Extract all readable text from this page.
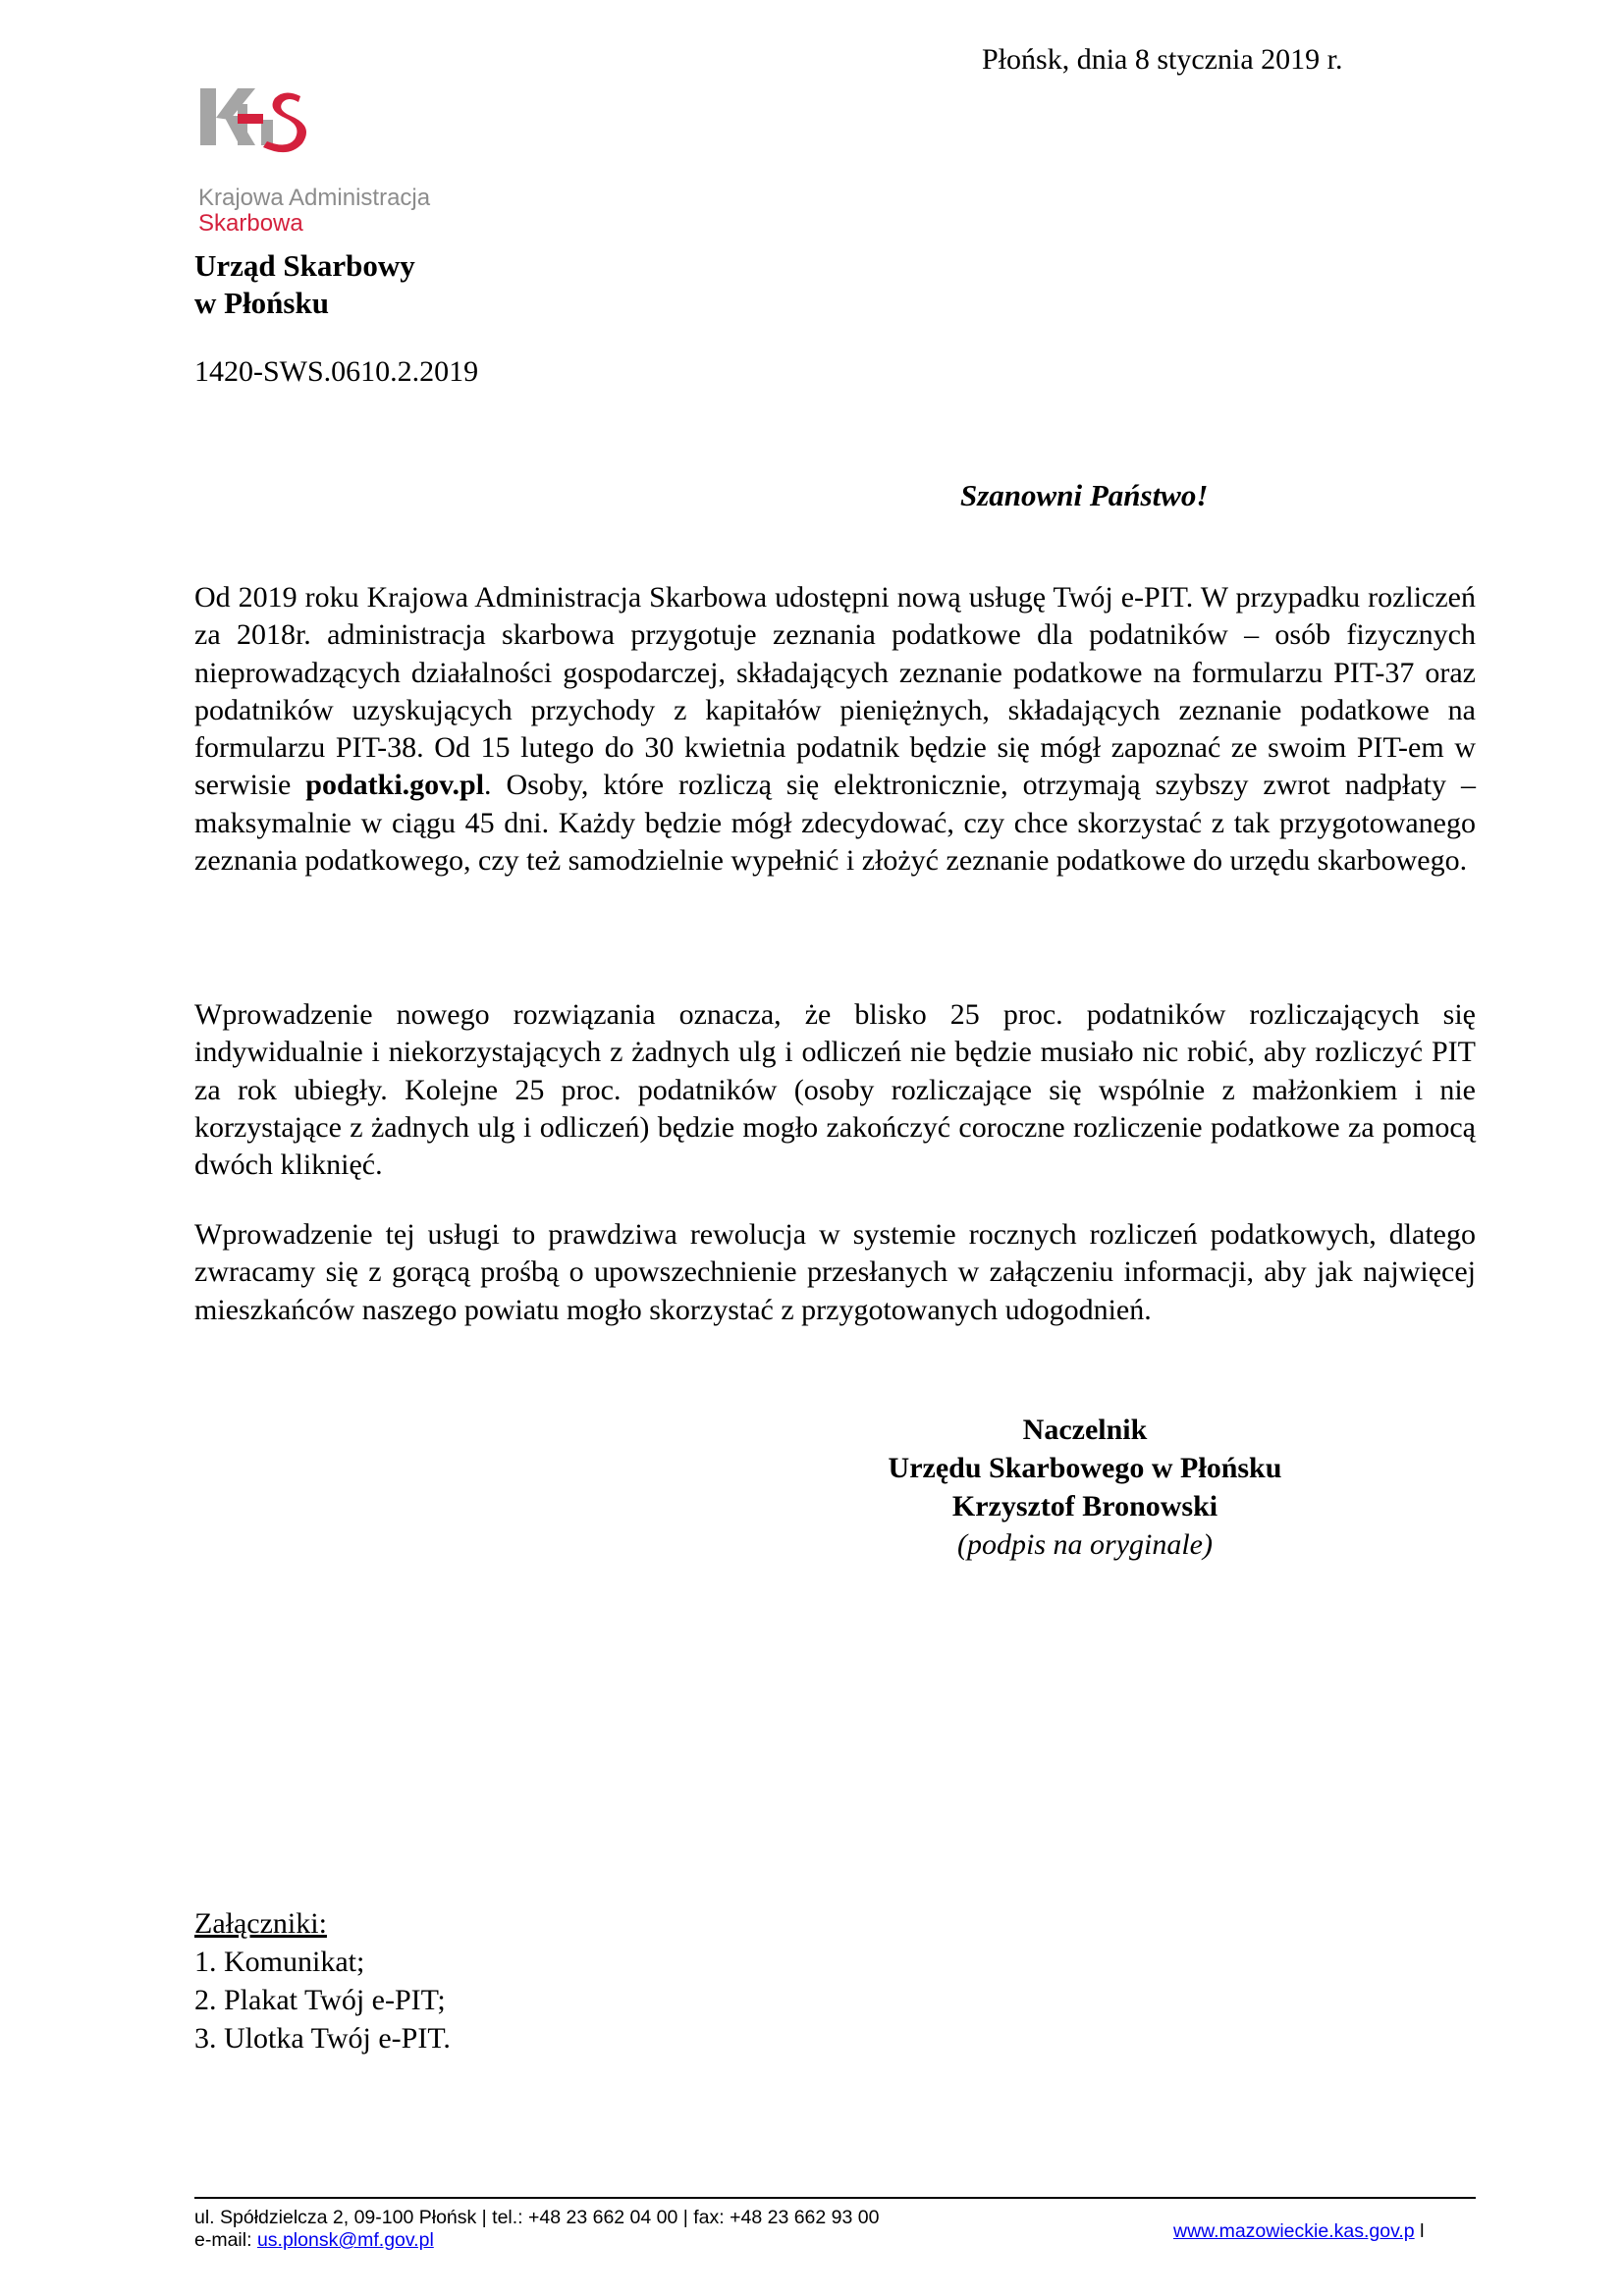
Płońsk, dnia 8 stycznia 2019 r.
Krajowa Administracja
Skarbowa
Urząd Skarbowy
w Płońsku
1420-SWS.0610.2.2019
Szanowni Państwo!
Od 2019 roku Krajowa Administracja Skarbowa udostępni nową usługę Twój e-PIT. W przypadku rozliczeń za 2018r. administracja skarbowa przygotuje zeznania podatkowe dla podatników – osób fizycznych nieprowadzących działalności gospodarczej, składających zeznanie podatkowe na formularzu PIT-37 oraz podatników uzyskujących przychody z kapitałów pieniężnych, składających zeznanie podatkowe na formularzu PIT-38. Od 15 lutego do 30 kwietnia podatnik będzie się mógł zapoznać ze swoim PIT-em w serwisie podatki.gov.pl. Osoby, które rozliczą się elektronicznie, otrzymają szybszy zwrot nadpłaty – maksymalnie w ciągu 45 dni. Każdy będzie mógł zdecydować, czy chce skorzystać z tak przygotowanego zeznania podatkowego, czy też samodzielnie wypełnić i złożyć zeznanie podatkowe do urzędu skarbowego.
Wprowadzenie nowego rozwiązania oznacza, że blisko 25 proc. podatników rozliczających się indywidualnie i niekorzystających z żadnych ulg i odliczeń nie będzie musiało nic robić, aby rozliczyć PIT za rok ubiegły. Kolejne 25 proc. podatników (osoby rozliczające się wspólnie z małżonkiem i nie korzystające z żadnych ulg i odliczeń) będzie mogło zakończyć coroczne rozliczenie podatkowe za pomocą dwóch kliknięć.
Wprowadzenie tej usługi to prawdziwa rewolucja w systemie rocznych rozliczeń podatkowych, dlatego zwracamy się z gorącą prośbą o upowszechnienie przesłanych w załączeniu informacji, aby jak najwięcej mieszkańców naszego powiatu mogło skorzystać z przygotowanych udogodnień.
Naczelnik
Urzędu Skarbowego w Płońsku
Krzysztof Bronowski
(podpis na oryginale)
Załączniki:
1. Komunikat;
2. Plakat Twój e-PIT;
3. Ulotka Twój e-PIT.
ul. Spółdzielcza 2, 09-100 Płońsk | tel.: +48 23 662 04 00 | fax: +48 23 662 93 00
e-mail: us.plonsk@mf.gov.pl	www.mazowieckie.kas.gov.p l
